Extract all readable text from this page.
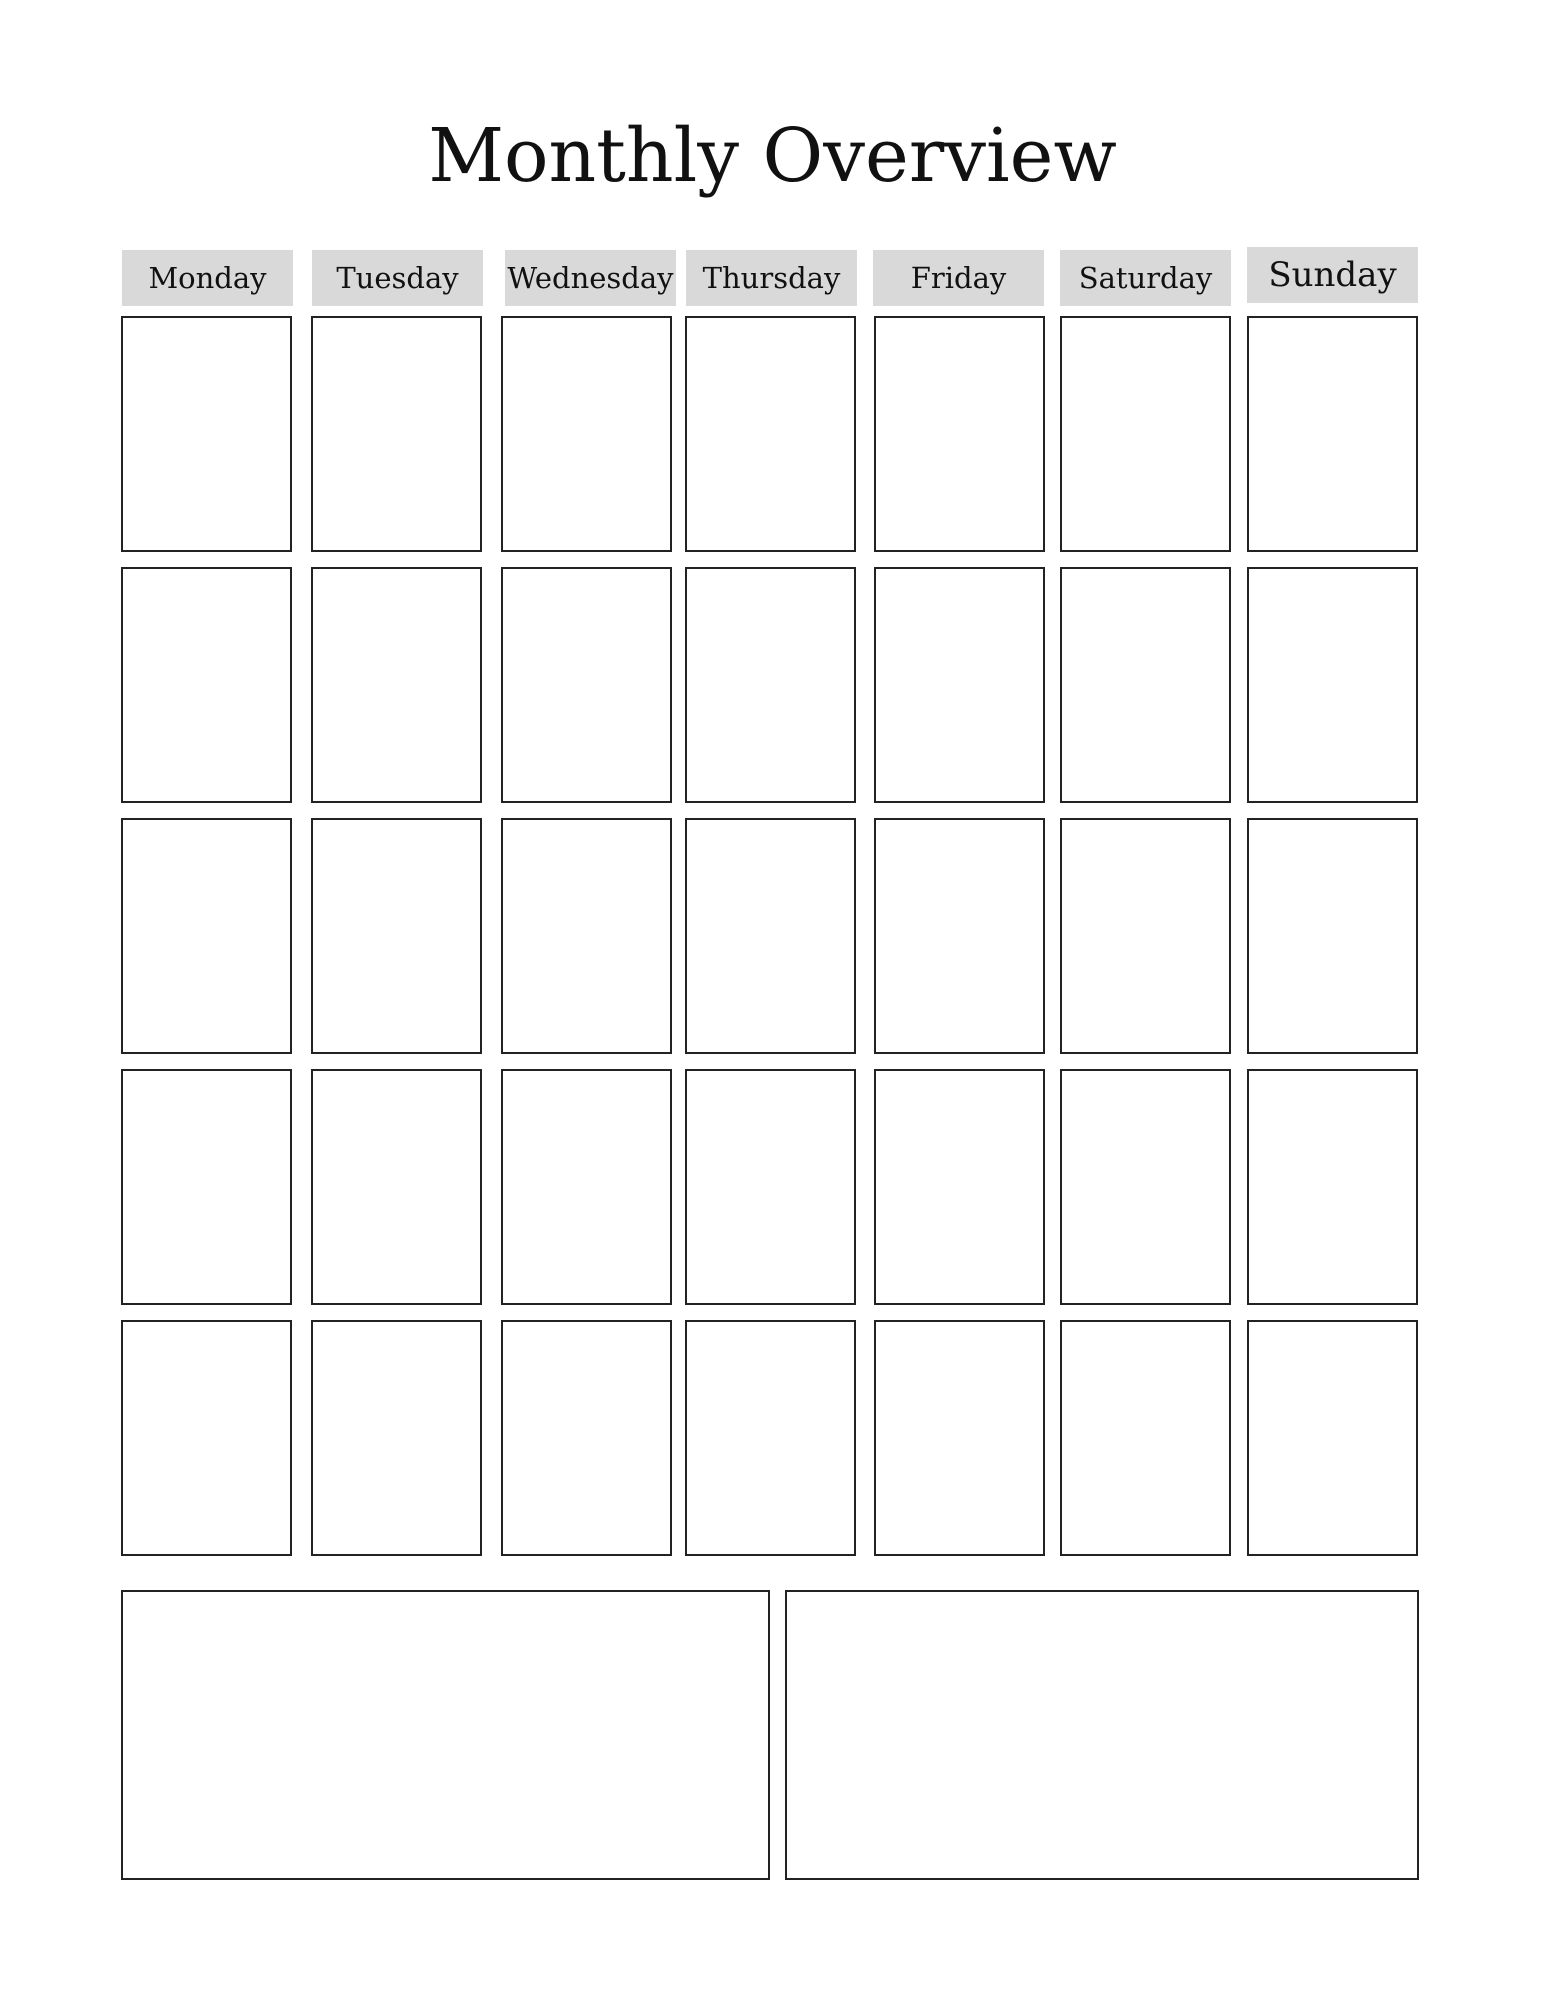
Monthly Overview
Monday	Tuesday	Wednesday	Thursday	Friday	Saturday	Sunday
